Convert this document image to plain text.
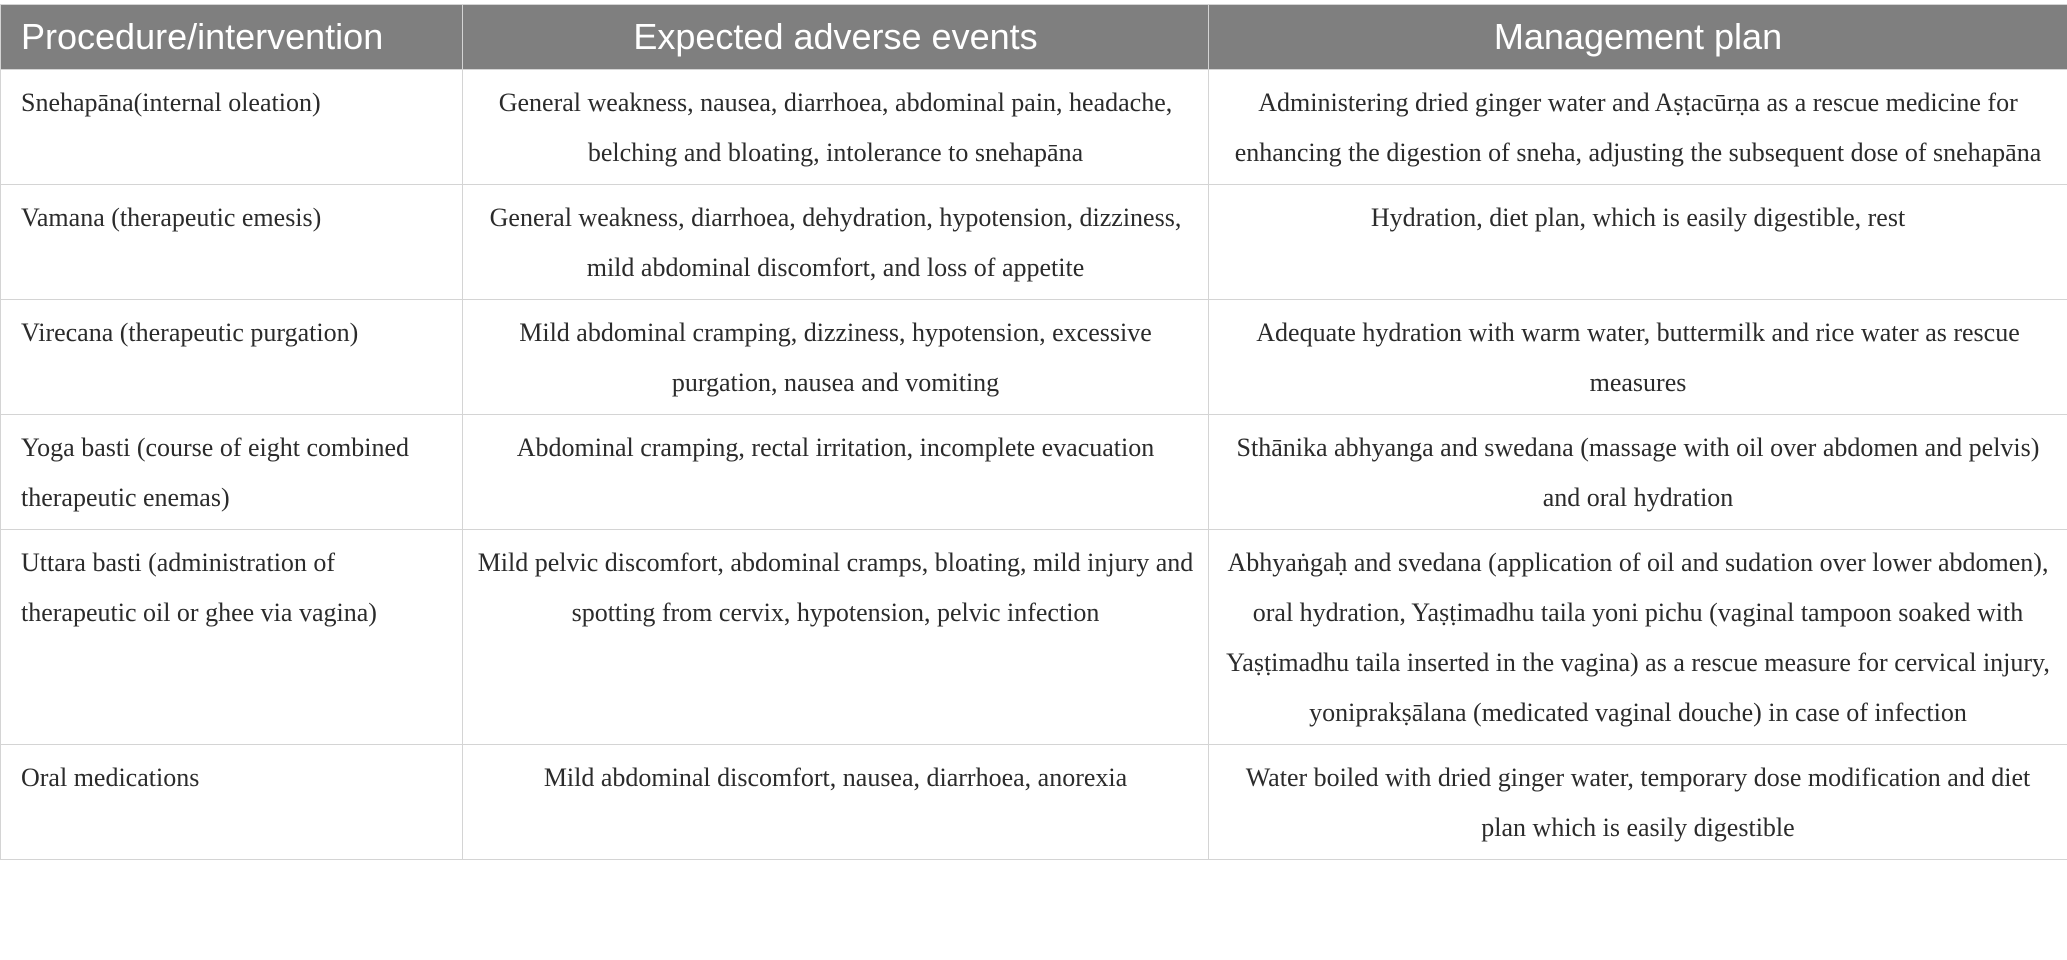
Procedure/intervention	Expected adverse events	Management plan
Snehapāna(internal oleation)	General weakness, nausea, diarrhoea, abdominal pain, headache, belching and bloating, intolerance to snehapāna	Administering dried ginger water and Aṣṭacūrṇa as a rescue medicine for enhancing the digestion of sneha, adjusting the subsequent dose of snehapāna
Vamana (therapeutic emesis)	General weakness, diarrhoea, dehydration, hypotension, dizziness, mild abdominal discomfort, and loss of appetite	Hydration, diet plan, which is easily digestible, rest
Virecana (therapeutic purgation)	Mild abdominal cramping, dizziness, hypotension, excessive purgation, nausea and vomiting	Adequate hydration with warm water, buttermilk and rice water as rescue measures
Yoga basti (course of eight combined therapeutic enemas)	Abdominal cramping, rectal irritation, incomplete evacuation	Sthānika abhyanga and swedana (massage with oil over abdomen and pelvis) and oral hydration
Uttara basti (administration of therapeutic oil or ghee via vagina)	Mild pelvic discomfort, abdominal cramps, bloating, mild injury and spotting from cervix, hypotension, pelvic infection	Abhyaṅgaḥ and svedana (application of oil and sudation over lower abdomen), oral hydration, Yaṣṭimadhu taila yoni pichu (vaginal tampoon soaked with Yaṣṭimadhu taila inserted in the vagina) as a rescue measure for cervical injury, yoniprakṣālana (medicated vaginal douche) in case of infection
Oral medications	Mild abdominal discomfort, nausea, diarrhoea, anorexia	Water boiled with dried ginger water, temporary dose modification and diet plan which is easily digestible
